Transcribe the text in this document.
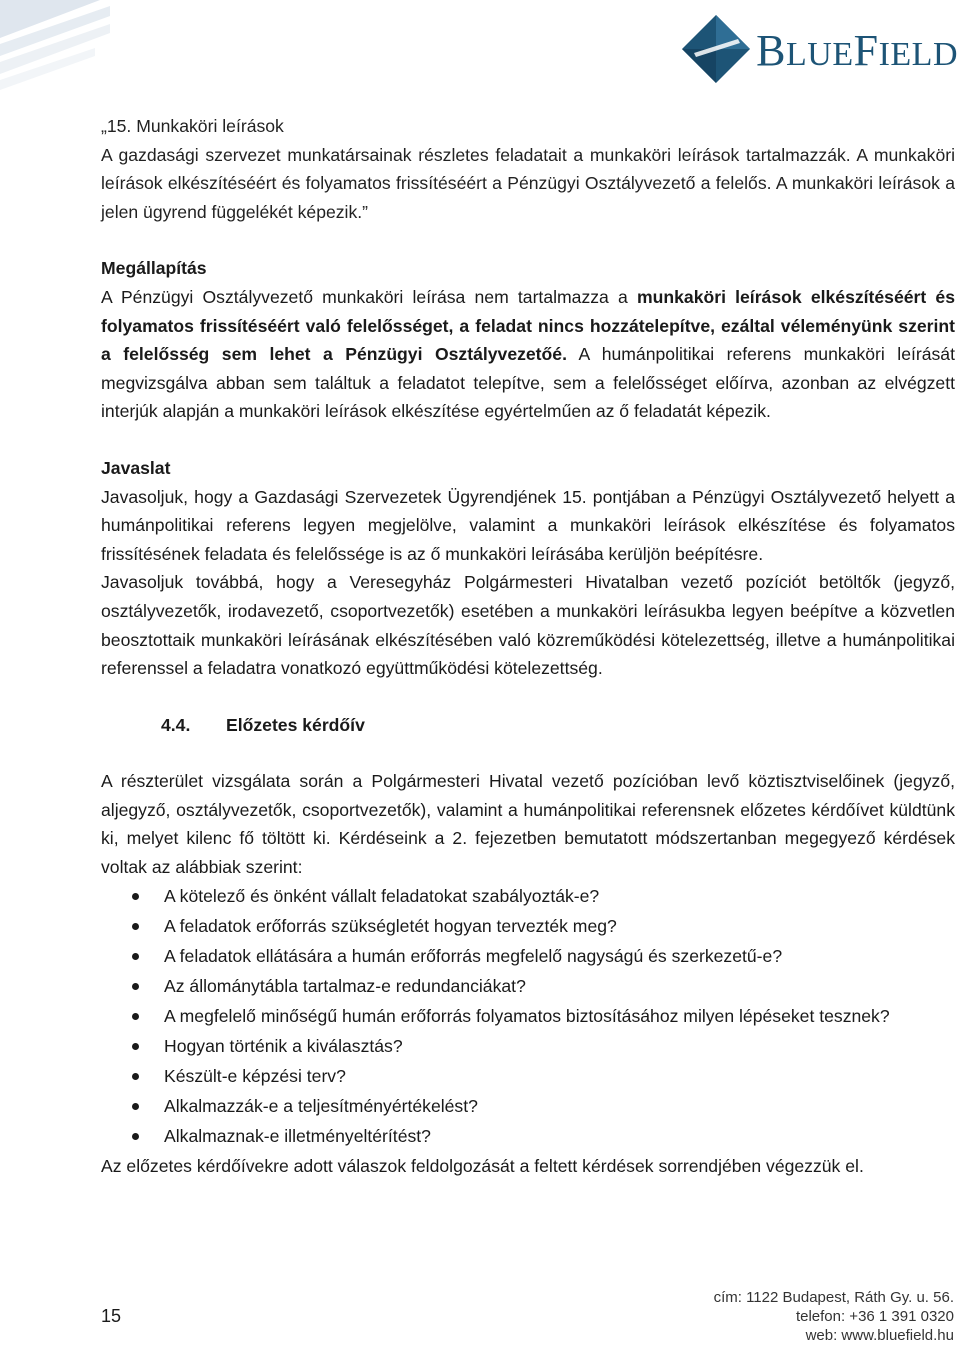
BLUEFIELD

„15. Munkaköri leírások

A gazdasági szervezet munkatársainak részletes feladatait a munkaköri leírások tartalmazzák. A munkaköri leírások elkészítéséért és folyamatos frissítéséért a Pénzügyi Osztályvezető a felelős. A munkaköri leírások a jelen ügyrend függelékét képezik.”

Megállapítás

A Pénzügyi Osztályvezető munkaköri leírása nem tartalmazza a munkaköri leírások elkészítéséért és folyamatos frissítéséért való felelősséget, a feladat nincs hozzátelepítve, ezáltal véleményünk szerint a felelősség sem lehet a Pénzügyi Osztályvezetőé. A humánpolitikai referens munkaköri leírását megvizsgálva abban sem találtuk a feladatot telepítve, sem a felelősséget előírva, azonban az elvégzett interjúk alapján a munkaköri leírások elkészítése egyértelműen az ő feladatát képezik.

Javaslat

Javasoljuk, hogy a Gazdasági Szervezetek Ügyrendjének 15. pontjában a Pénzügyi Osztályvezető helyett a humánpolitikai referens legyen megjelölve, valamint a munkaköri leírások elkészítése és folyamatos frissítésének feladata és felelőssége is az ő munkaköri leírásába kerüljön beépítésre.

Javasoljuk továbbá, hogy a Veresegyház Polgármesteri Hivatalban vezető pozíciót betöltők (jegyző, osztályvezetők, irodavezető, csoportvezetők) esetében a munkaköri leírásukba legyen beépítve a közvetlen beosztottaik munkaköri leírásának elkészítésében való közreműködési kötelezettség, illetve a humánpolitikai referenssel a feladatra vonatkozó együttműködési kötelezettség.

4.4.	Előzetes kérdőív

A részterület vizsgálata során a Polgármesteri Hivatal vezető pozícióban levő köztisztviselőinek (jegyző, aljegyző, osztályvezetők, csoportvezetők), valamint a humánpolitikai referensnek előzetes kérdőívet küldtünk ki, melyet kilenc fő töltött ki. Kérdéseink a 2. fejezetben bemutatott módszertanban megegyező kérdések voltak az alábbiak szerint:

A kötelező és önként vállalt feladatokat szabályozták-e?
A feladatok erőforrás szükségletét hogyan tervezték meg?
A feladatok ellátására a humán erőforrás megfelelő nagyságú és szerkezetű-e?
Az állománytábla tartalmaz-e redundanciákat?
A megfelelő minőségű humán erőforrás folyamatos biztosításához milyen lépéseket tesznek?
Hogyan történik a kiválasztás?
Készült-e képzési terv?
Alkalmazzák-e a teljesítményértékelést?
Alkalmaznak-e illetményeltérítést?

Az előzetes kérdőívekre adott válaszok feldolgozását a feltett kérdések sorrendjében végezzük el.

15
cím: 1122 Budapest, Ráth Gy. u. 56.
telefon: +36 1 391 0320
web: www.bluefield.hu
